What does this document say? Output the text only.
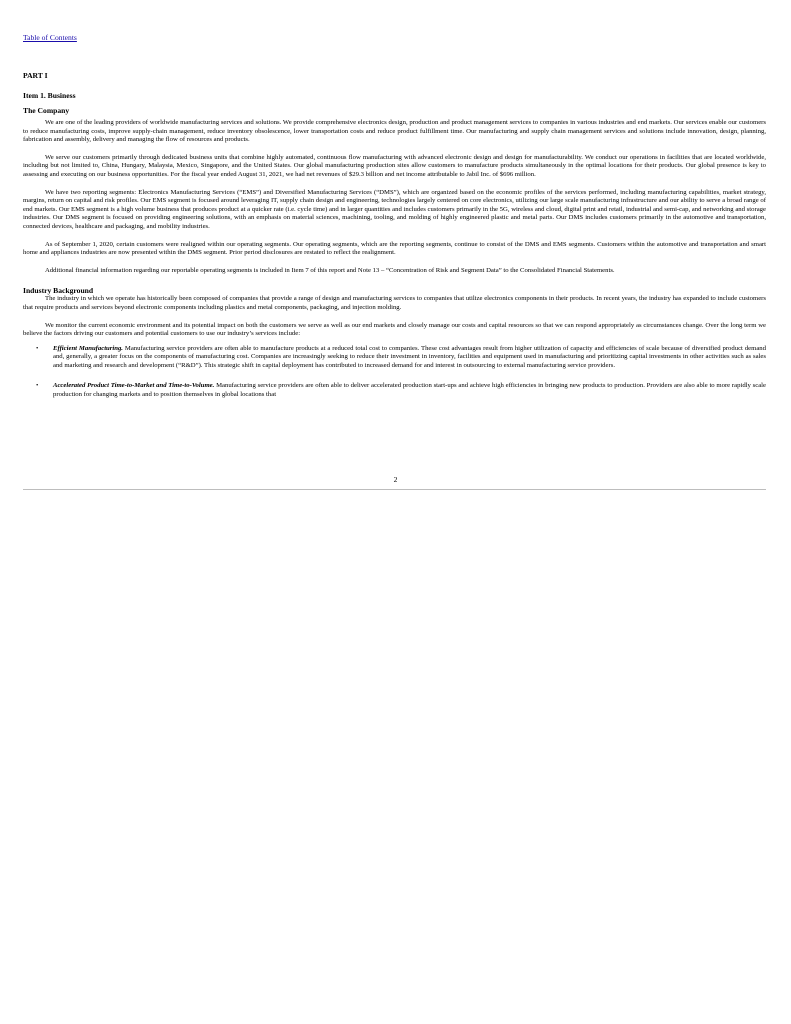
Table of Contents

PART I

Item 1. Business

The Company

We are one of the leading providers of worldwide manufacturing services and solutions. We provide comprehensive electronics design, production and product management services to companies in various industries and end markets. Our services enable our customers to reduce manufacturing costs, improve supply-chain management, reduce inventory obsolescence, lower transportation costs and reduce product fulfillment time. Our manufacturing and supply chain management services and solutions include innovation, design, planning, fabrication and assembly, delivery and managing the flow of resources and products.

We serve our customers primarily through dedicated business units that combine highly automated, continuous flow manufacturing with advanced electronic design and design for manufacturability. We conduct our operations in facilities that are located worldwide, including but not limited to, China, Hungary, Malaysia, Mexico, Singapore, and the United States. Our global manufacturing production sites allow customers to manufacture products simultaneously in the optimal locations for their products. Our global presence is key to assessing and executing on our business opportunities. For the fiscal year ended August 31, 2021, we had net revenues of $29.3 billion and net income attributable to Jabil Inc. of $696 million.

We have two reporting segments: Electronics Manufacturing Services (“EMS”) and Diversified Manufacturing Services (“DMS”), which are organized based on the economic profiles of the services performed, including manufacturing capabilities, market strategy, margins, return on capital and risk profiles. Our EMS segment is focused around leveraging IT, supply chain design and engineering, technologies largely centered on core electronics, utilizing our large scale manufacturing infrastructure and our ability to serve a broad range of end markets. Our EMS segment is a high volume business that produces product at a quicker rate (i.e. cycle time) and in larger quantities and includes customers primarily in the 5G, wireless and cloud, digital print and retail, industrial and semi-cap, and networking and storage industries. Our DMS segment is focused on providing engineering solutions, with an emphasis on material sciences, machining, tooling, and molding of highly engineered plastic and metal parts. Our DMS includes customers primarily in the automotive and transportation, connected devices, healthcare and packaging, and mobility industries.

As of September 1, 2020, certain customers were realigned within our operating segments. Our operating segments, which are the reporting segments, continue to consist of the DMS and EMS segments. Customers within the automotive and transportation and smart home and appliances industries are now presented within the DMS segment. Prior period disclosures are restated to reflect the realignment.

Additional financial information regarding our reportable operating segments is included in Item 7 of this report and Note 13 – “Concentration of Risk and Segment Data” to the Consolidated Financial Statements.

Industry Background

The industry in which we operate has historically been composed of companies that provide a range of design and manufacturing services to companies that utilize electronics components in their products. In recent years, the industry has expanded to include customers that require products and services beyond electronic components including plastics and metal components, packaging, and injection molding.

We monitor the current economic environment and its potential impact on both the customers we serve as well as our end markets and closely manage our costs and capital resources so that we can respond appropriately as circumstances change. Over the long term we believe the factors driving our customers and potential customers to use our industry’s services include:

•	Efficient Manufacturing. Manufacturing service providers are often able to manufacture products at a reduced total cost to companies. These cost advantages result from higher utilization of capacity and efficiencies of scale because of diversified product demand and, generally, a greater focus on the components of manufacturing cost. Companies are increasingly seeking to reduce their investment in inventory, facilities and equipment used in manufacturing and prioritizing capital investments in other activities such as sales and marketing and research and development (“R&D”). This strategic shift in capital deployment has contributed to increased demand for and interest in outsourcing to external manufacturing service providers.
•	Accelerated Product Time-to-Market and Time-to-Volume. Manufacturing service providers are often able to deliver accelerated production start-ups and achieve high efficiencies in bringing new products to production. Providers are also able to more rapidly scale production for changing markets and to position themselves in global locations that
2
